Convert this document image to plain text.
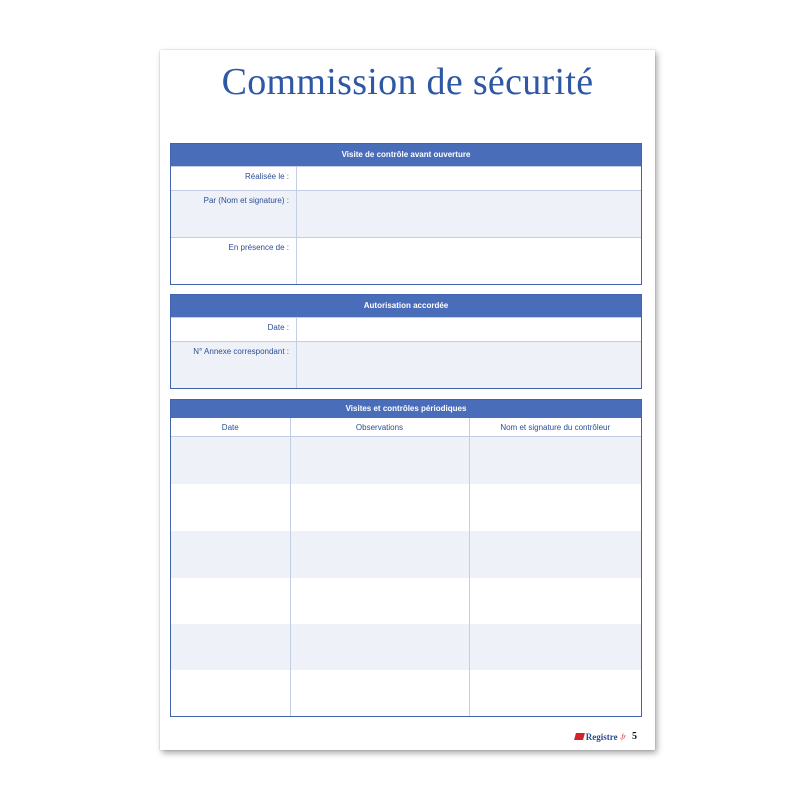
Commission de sécurité
Visite de contrôle avant ouverture
Réalisée le :
Par (Nom et signature) :
En présence de :
Autorisation accordée
Date :
N° Annexe correspondant :
Visites et contrôles périodiques
Date	Observations	Nom et signature du contrôleur

Registre .fr 5
